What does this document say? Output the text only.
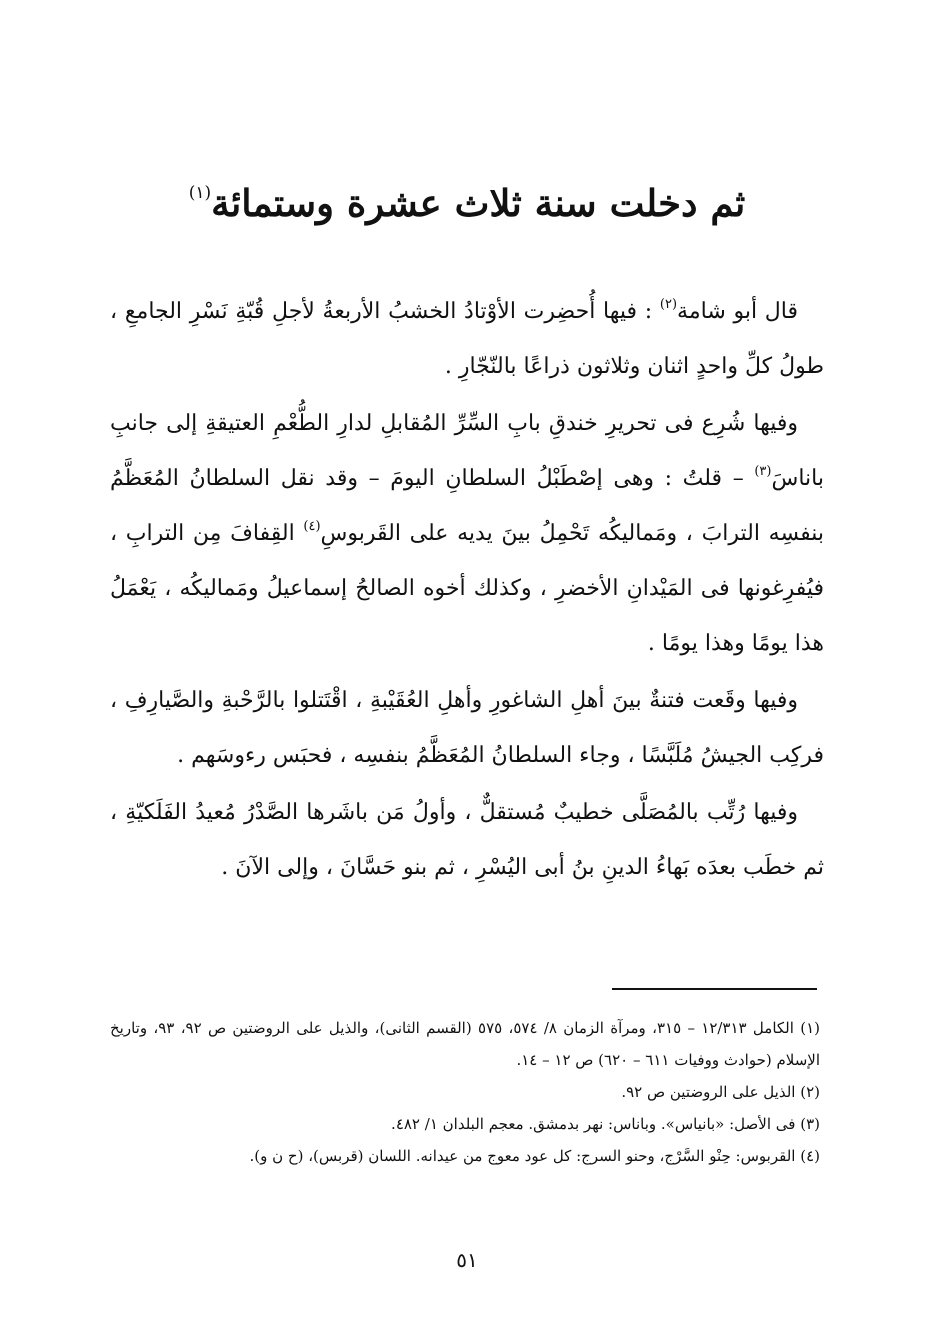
ثم دخلت سنة ثلاث عشرة وستمائة$^{(١)}$

قال أبو شامة$^{(٢)}$ : فيها أُحضِرت الأوْتادُ الخشبُ الأربعةُ لأجلِ قُبّةِ نَسْرِ الجامعِ ، طولُ كلِّ واحدٍ اثنان وثلاثون ذراعًا بالنّجّارِ .

وفيها شُرِع فى تحريرِ خندقِ بابِ السِّرِّ المُقابلِ لدارِ الطُّعْمِ العتيقةِ إلى جانبِ باناسَ$^{(٣)}$ – قلتُ : وهى إصْطَبْلُ السلطانِ اليومَ – وقد نقل السلطانُ المُعَظَّمُ بنفسِه الترابَ ، ومَماليكُه تَحْمِلُ بينَ يديه على القَربوسِ$^{(٤)}$ القِفافَ مِن الترابِ ، فيُفرِغونها فى المَيْدانِ الأخضرِ ، وكذلك أخوه الصالحُ إسماعيلُ ومَماليكُه ، يَعْمَلُ هذا يومًا وهذا يومًا .

وفيها وقَعت فتنةٌ بينَ أهلِ الشاغورِ وأهلِ العُقَيْبةِ ، اقْتَتلوا بالرَّحْبةِ والصَّيارِفِ ، فركِب الجيشُ مُلَبَّسًا ، وجاء السلطانُ المُعَظَّمُ بنفسِه ، فحبَس رءوسَهم .

وفيها رُتِّب بالمُصَلَّى خطيبٌ مُستقلٌّ ، وأولُ مَن باشَرها الصَّدْرُ مُعيدُ الفَلَكيّةِ ، ثم خطَب بعدَه بَهاءُ الدينِ بنُ أبى اليُسْرِ ، ثم بنو حَسَّانَ ، وإلى الآنَ .

(١) الكامل ١٢/٣١٣ – ٣١٥، ومرآة الزمان ٨/ ٥٧٤، ٥٧٥ (القسم الثانى)، والذيل على الروضتين ص ٩٢، ٩٣، وتاريخ الإسلام (حوادث ووفيات ٦١١ – ٦٢٠) ص ١٢ – ١٤.

(٢) الذيل على الروضتين ص ٩٢.

(٣) فى الأصل: «بانياس». وباناس: نهر بدمشق. معجم البلدان ١/ ٤٨٢.

(٤) القربوس: حِنْو السَّرْج، وحنو السرج: كل عود معوج من عيدانه. اللسان (قربس)، (ح ن و).

٥١
